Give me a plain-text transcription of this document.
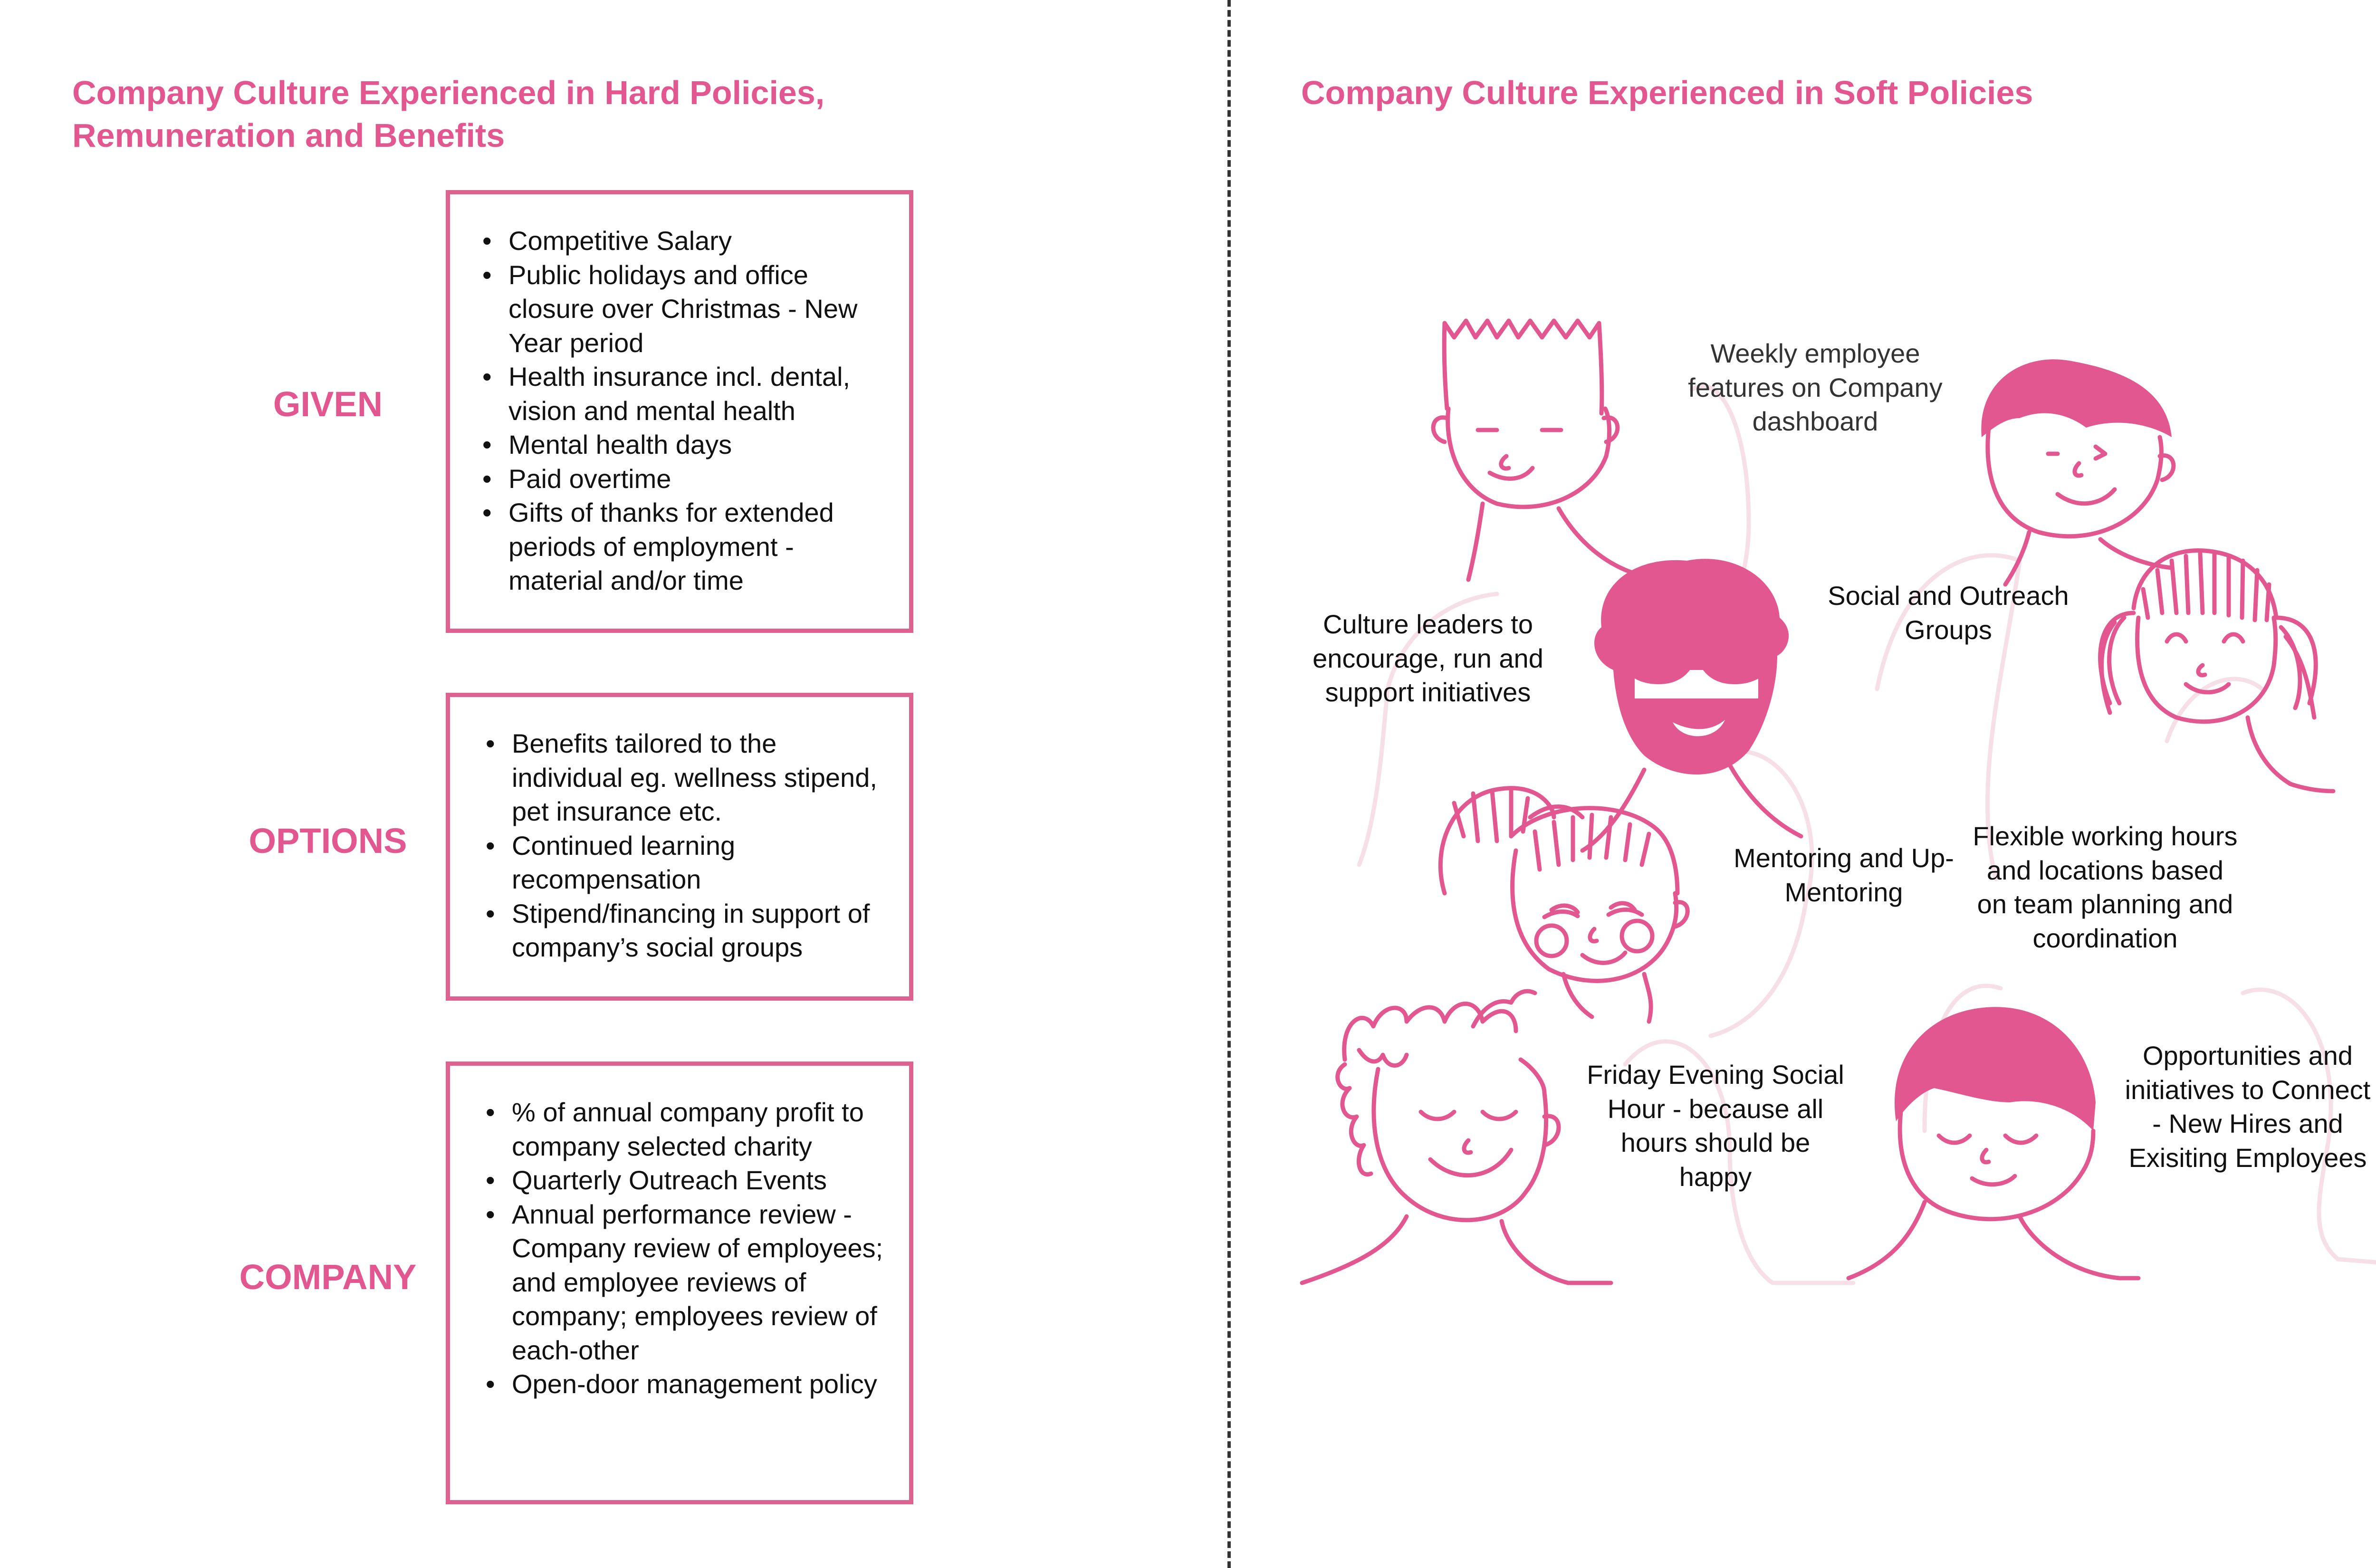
Company Culture Experienced in Hard Policies,
Remuneration and Benefits
GIVEN
• Competitive Salary
• Public holidays and office closure over Christmas - New Year period
• Health insurance incl. dental, vision and mental health
• Mental health days
• Paid overtime
• Gifts of thanks for extended periods of employment - material and/or time
OPTIONS
• Benefits tailored to the individual eg. wellness stipend, pet insurance etc.
• Continued learning recompensation
• Stipend/financing in support of company’s social groups
COMPANY
• % of annual company profit to company selected charity
• Quarterly Outreach Events
• Annual performance review - Company review of employees; and employee reviews of company; employees review of each-other
• Open-door management policy
Company Culture Experienced in Soft Policies
Weekly employee features on Company dashboard
Culture leaders to encourage, run and support initiatives
Social and Outreach Groups
Mentoring and Up-Mentoring
Flexible working hours and locations based on team planning and coordination
Friday Evening Social Hour - because all hours should be happy
Opportunities and initiatives to Connect - New Hires and Exisiting Employees
